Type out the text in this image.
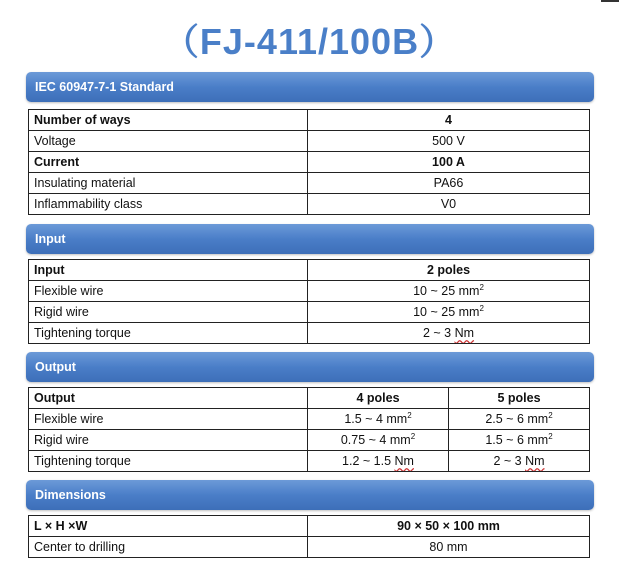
（FJ-411/100B）
IEC 60947-7-1 Standard
Number of ways	4
Voltage	500 V
Current	100 A
Insulating material	PA66
Inflammability class	V0
Input
Input	2 poles
Flexible wire	10 ~ 25 $mm^2$
Rigid wire	10 ~ 25 $mm^2$
Tightening torque	2 ~ 3 Nm
Output
Output	4 poles	5 poles
Flexible wire	1.5 ~ 4 $mm^2$	2.5 ~ 6 $mm^2$
Rigid wire	0.75 ~ 4 $mm^2$	1.5 ~ 6 $mm^2$
Tightening torque	1.2 ~ 1.5 Nm	2 ~ 3 Nm
Dimensions
L × H ×W	90 × 50 × 100 mm
Center to drilling	80 mm
